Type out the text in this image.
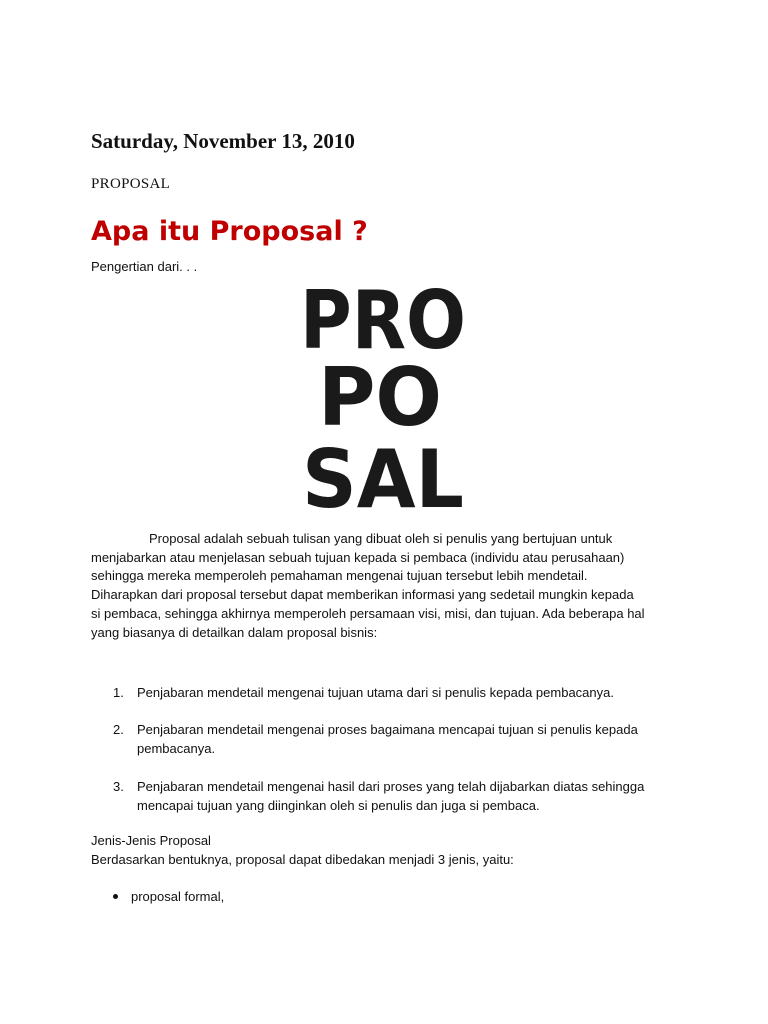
Saturday, November 13, 2010
PROPOSAL
Apa itu Proposal ?
Pengertian dari. . .
PRO
PO
SAL
Proposal adalah sebuah tulisan yang dibuat oleh si penulis yang bertujuan untuk
menjabarkan atau menjelasan sebuah tujuan kepada si pembaca (individu atau perusahaan)
sehingga mereka memperoleh pemahaman mengenai tujuan tersebut lebih mendetail.
Diharapkan dari proposal tersebut dapat memberikan informasi yang sedetail mungkin kepada
si pembaca, sehingga akhirnya memperoleh persamaan visi, misi, dan tujuan. Ada beberapa hal
yang biasanya di detailkan dalam proposal bisnis:
1. Penjabaran mendetail mengenai tujuan utama dari si penulis kepada pembacanya.
2. Penjabaran mendetail mengenai proses bagaimana mencapai tujuan si penulis kepada
pembacanya.
3. Penjabaran mendetail mengenai hasil dari proses yang telah dijabarkan diatas sehingga
mencapai tujuan yang diinginkan oleh si penulis dan juga si pembaca.
Jenis-Jenis Proposal
Berdasarkan bentuknya, proposal dapat dibedakan menjadi 3 jenis, yaitu:
proposal formal,
